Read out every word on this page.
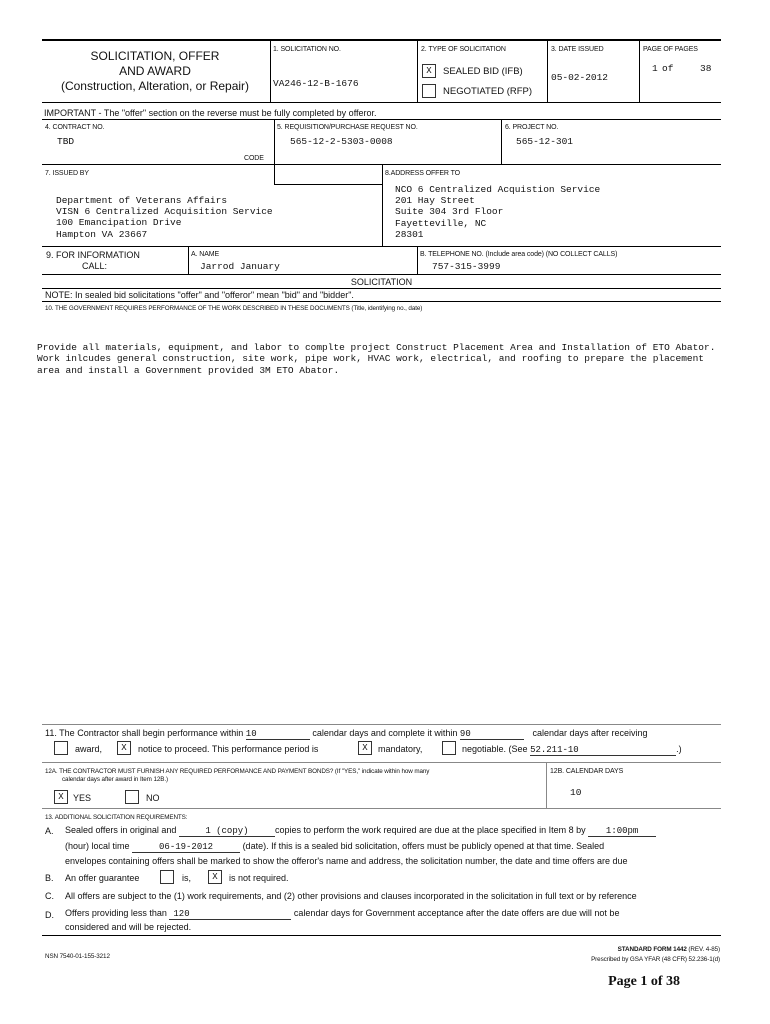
SOLICITATION, OFFER
AND AWARD
(Construction, Alteration, or Repair)
1. SOLICITATION NO.
VA246-12-B-1676
2. TYPE OF SOLICITATION
X	SEALED BID (IFB)
NEGOTIATED (RFP)
3. DATE ISSUED
05-02-2012
PAGE OF PAGES
1 of	38
IMPORTANT - The "offer" section on the reverse must be fully completed by offeror.
4. CONTRACT NO.
TBD
CODE
5. REQUISITION/PURCHASE REQUEST NO.
565-12-2-5303-0008
6. PROJECT NO.
565-12-301
7. ISSUED BY
Department of Veterans Affairs
VISN 6 Centralized Acquisition Service
100 Emancipation Drive
Hampton VA 23667
8.ADDRESS OFFER TO
NCO 6 Centralized Acquistion Service
201 Hay Street
Suite 304 3rd Floor
Fayetteville, NC
28301
9. FOR INFORMATION
CALL:
A. NAME
Jarrod January
B. TELEPHONE NO. (Include area code) (NO COLLECT CALLS)
757-315-3999
SOLICITATION
NOTE: In sealed bid solicitations "offer" and "offeror" mean "bid" and "bidder".
10. THE GOVERNMENT REQUIRES PERFORMANCE OF THE WORK DESCRIBED IN THESE DOCUMENTS (Title, identifying no., date)
Provide all materials, equipment, and labor to complte project Construct Placement Area and Installation of ETO Abator.
Work inlcudes general construction, site work, pipe work, HVAC work, electrical, and roofing to prepare the placement
area and install a Government provided 3M ETO Abator.
11. The Contractor shall begin performance within 10	calendar days and complete it within 90	calendar days after receiving
award,	X	notice to proceed. This performance period is	X	mandatory,	negotiable. (See 52.211-10	.)
12A. THE CONTRACTOR MUST FURNISH ANY REQUIRED PERFORMANCE AND PAYMENT BONDS? (If "YES," indicate within how many
calendar days after award in Item 12B.)
X	YES	NO
12B. CALENDAR DAYS
10
13. ADDITIONAL SOLICITATION REQUIREMENTS:
A. Sealed offers in original and	1 (copy)	copies to perform the work required are due at the place specified in Item 8 by 1:00pm
(hour) local time	06-19-2012	(date). If this is a sealed bid solicitation, offers must be publicly opened at that time. Sealed
envelopes containing offers shall be marked to show the offeror's name and address, the solicitation number, the date and time offers are due
B. An offer guarantee	is,	X	is not required.
C. All offers are subject to the (1) work requirements, and (2) other provisions and clauses incorporated in the solicitation in full text or by reference
D. Offers providing less than 120	calendar days for Government acceptance after the date offers are due will not be
considered and will be rejected.
NSN 7540-01-155-3212
STANDARD FORM 1442 (REV. 4-85)
Prescribed by GSA YFAR (48 CFR) 52.236-1(d)
Page 1 of 38
